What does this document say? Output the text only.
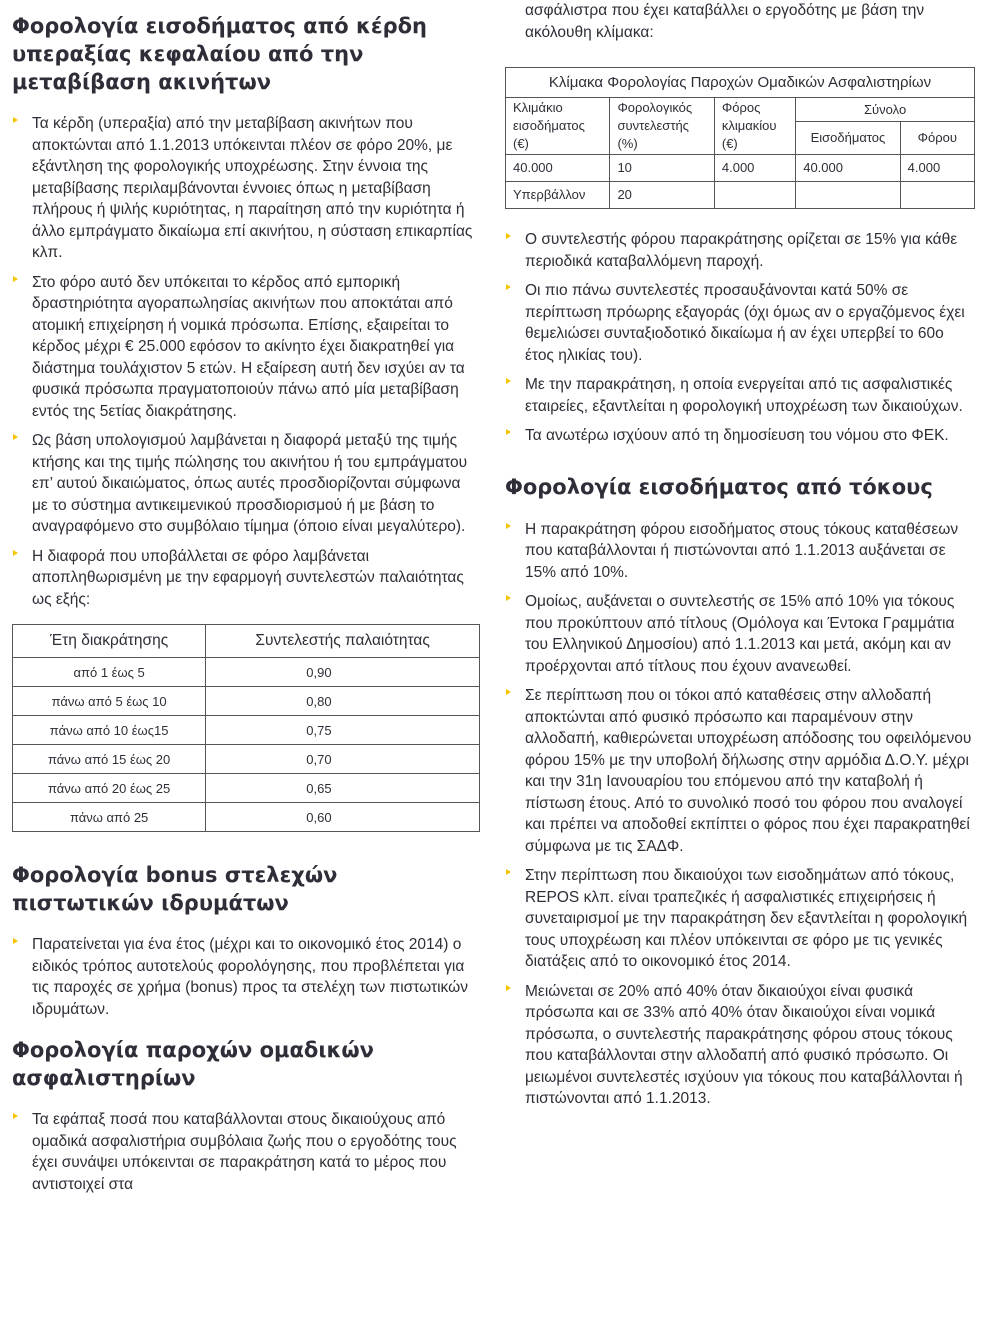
Φορολογία εισοδήματος από κέρδη υπεραξίας κεφαλαίου από την μεταβίβαση ακινήτων
Τα κέρδη (υπεραξία) από την μεταβίβαση ακινήτων που αποκτώνται από 1.1.2013 υπόκεινται πλέον σε φόρο 20%, με εξάντληση της φορολογικής υποχρέωσης. Στην έννοια της μεταβίβασης περιλαμβάνονται έννοιες όπως η μεταβίβαση πλήρους ή ψιλής κυριότητας, η παραίτηση από την κυριότητα ή άλλο εμπράγματο δικαίωμα επί ακινήτου, η σύσταση επικαρπίας κλπ.
Στο φόρο αυτό δεν υπόκειται το κέρδος από εμπορική δραστηριότητα αγοραπωλησίας ακινήτων που αποκτάται από ατομική επιχείρηση ή νομικά πρόσωπα. Επίσης, εξαιρείται το κέρδος μέχρι € 25.000 εφόσον το ακίνητο έχει διακρατηθεί για διάστημα τουλάχιστον 5 ετών. Η εξαίρεση αυτή δεν ισχύει αν τα φυσικά πρόσωπα πραγματοποιούν πάνω από μία μεταβίβαση εντός της 5ετίας διακράτησης.
Ως βάση υπολογισμού λαμβάνεται η διαφορά μεταξύ της τιμής κτήσης και της τιμής πώλησης του ακινήτου ή του εμπράγματου επ’ αυτού δικαιώματος, όπως αυτές προσδιορίζονται σύμφωνα με το σύστημα αντικειμενικού προσδιορισμού ή με βάση το αναγραφόμενο στο συμβόλαιο τίμημα (όποιο είναι μεγαλύτερο).
Η διαφορά που υποβάλλεται σε φόρο λαμβάνεται αποπληθωρισμένη με την εφαρμογή συντελεστών παλαιότητας ως εξής:
Έτη διακράτησης	Συντελεστής παλαιότητας
από 1 έως 5	0,90
πάνω από 5 έως 10	0,80
πάνω από 10 έως15	0,75
πάνω από 15 έως 20	0,70
πάνω από 20 έως 25	0,65
πάνω από 25	0,60
Φορολογία bonus στελεχών πιστωτικών ιδρυμάτων
Παρατείνεται για ένα έτος (μέχρι και το οικονομικό έτος 2014) ο ειδικός τρόπος αυτοτελούς φορολόγησης, που προβλέπεται για τις παροχές σε χρήμα (bonus) προς τα στελέχη των πιστωτικών ιδρυμάτων.
Φορολογία παροχών ομαδικών ασφαλιστηρίων
Τα εφάπαξ ποσά που καταβάλλονται στους δικαιούχους από ομαδικά ασφαλιστήρια συμβόλαια ζωής που ο εργοδότης τους έχει συνάψει υπόκεινται σε παρακράτηση κατά το μέρος που αντιστοιχεί στα

ασφάλιστρα που έχει καταβάλλει ο εργοδότης με βάση την ακόλουθη κλίμακα:

Κλίμακα Φορολογίας Παροχών Ομαδικών Ασφαλιστηρίων				
Κλιμάκιο εισοδήματος (€)	Φορολογικός συντελεστής (%)	Φόρος κλιμακίου (€)	Σύνολο	
			Εισοδήματος	Φόρου
40.000	10	4.000	40.000	4.000
Υπερβάλλον	20			
Ο συντελεστής φόρου παρακράτησης ορίζεται σε 15% για κάθε περιοδικά καταβαλλόμενη παροχή.
Οι πιο πάνω συντελεστές προσαυξάνονται κατά 50% σε περίπτωση πρόωρης εξαγοράς (όχι όμως αν ο εργαζόμενος έχει θεμελιώσει συνταξιοδοτικό δικαίωμα ή αν έχει υπερβεί το 60ο έτος ηλικίας του).
Με την παρακράτηση, η οποία ενεργείται από τις ασφαλιστικές εταιρείες, εξαντλείται η φορολογική υποχρέωση των δικαιούχων.
Τα ανωτέρω ισχύουν από τη δημοσίευση του νόμου στο ΦΕΚ.
Φορολογία εισοδήματος από τόκους
Η παρακράτηση φόρου εισοδήματος στους τόκους καταθέσεων που καταβάλλονται ή πιστώνονται από 1.1.2013 αυξάνεται σε 15% από 10%.
Ομοίως, αυξάνεται ο συντελεστής σε 15% από 10% για τόκους που προκύπτουν από τίτλους (Ομόλογα και Έντοκα Γραμμάτια του Ελληνικού Δημοσίου) από 1.1.2013 και μετά, ακόμη και αν προέρχονται από τίτλους που έχουν ανανεωθεί.
Σε περίπτωση που οι τόκοι από καταθέσεις στην αλλοδαπή αποκτώνται από φυσικό πρόσωπο και παραμένουν στην αλλοδαπή, καθιερώνεται υποχρέωση απόδοσης του οφειλόμενου φόρου 15% με την υποβολή δήλωσης στην αρμόδια Δ.Ο.Υ. μέχρι και την 31η Ιανουαρίου του επόμενου από την καταβολή ή πίστωση έτους. Από το συνολικό ποσό του φόρου που αναλογεί και πρέπει να αποδοθεί εκπίπτει ο φόρος που έχει παρακρατηθεί σύμφωνα με τις ΣΑΔΦ.
Στην περίπτωση που δικαιούχοι των εισοδημάτων από τόκους, REPOS κλπ. είναι τραπεζικές ή ασφαλιστικές επιχειρήσεις ή συνεταιρισμοί με την παρακράτηση δεν εξαντλείται η φορολογική τους υποχρέωση και πλέον υπόκεινται σε φόρο με τις γενικές διατάξεις από το οικονομικό έτος 2014.
Μειώνεται σε 20% από 40% όταν δικαιούχοι είναι φυσικά πρόσωπα και σε 33% από 40% όταν δικαιούχοι είναι νομικά πρόσωπα, ο συντελεστής παρακράτησης φόρου στους τόκους που καταβάλλονται στην αλλοδαπή από φυσικό πρόσωπο. Οι μειωμένοι συντελεστές ισχύουν για τόκους που καταβάλλονται ή πιστώνονται από 1.1.2013.
